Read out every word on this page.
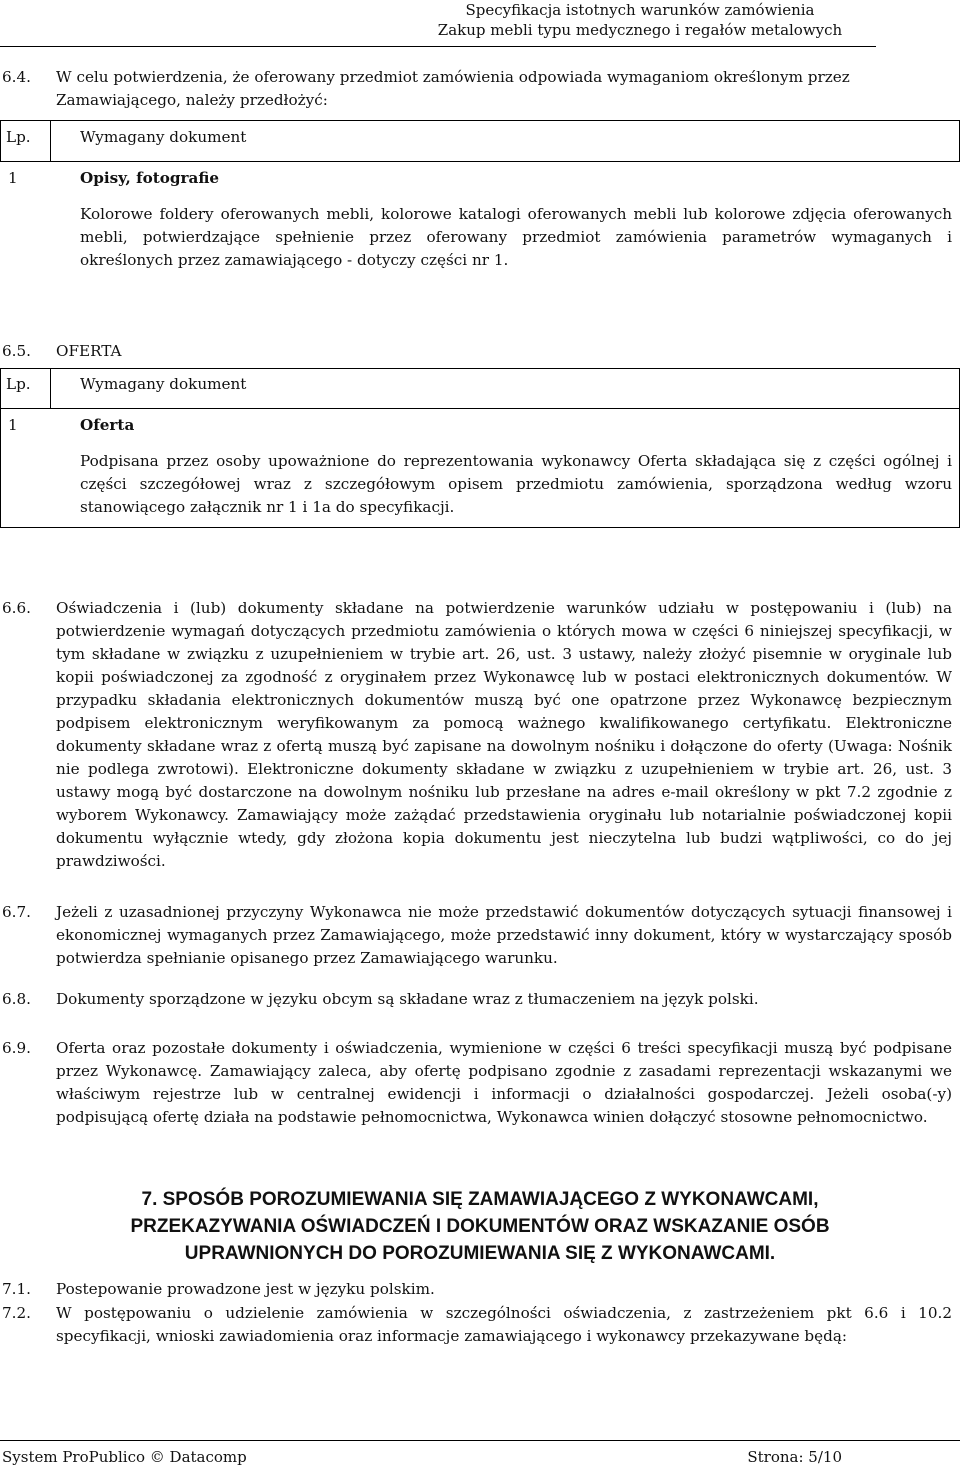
Specyfikacja istotnych warunków zamówienia
Zakup mebli typu medycznego i regałów metalowych
6.4. W celu potwierdzenia, że oferowany przedmiot zamówienia odpowiada wymaganiom określonym przez
Zamawiającego, należy przedłożyć:
Lp.	Wymagany dokument
1	Opisy, fotografie
Kolorowe foldery oferowanych mebli, kolorowe katalogi oferowanych mebli lub kolorowe zdjęcia oferowanych mebli, potwierdzające spełnienie przez oferowany przedmiot zamówienia parametrów wymaganych i określonych przez zamawiającego - dotyczy części nr 1.
6.5. OFERTA
Lp.	Wymagany dokument
1	Oferta
Podpisana przez osoby upoważnione do reprezentowania wykonawcy Oferta składająca się z części ogólnej i części szczegółowej wraz z szczegółowym opisem przedmiotu zamówienia, sporządzona według wzoru stanowiącego załącznik nr 1 i 1a do specyfikacji.
6.6. Oświadczenia i (lub) dokumenty składane na potwierdzenie warunków udziału w postępowaniu i (lub) na potwierdzenie wymagań dotyczących przedmiotu zamówienia o których mowa w części 6 niniejszej specyfikacji, w tym składane w związku z uzupełnieniem w trybie art. 26, ust. 3 ustawy, należy złożyć pisemnie w oryginale lub kopii poświadczonej za zgodność z oryginałem przez Wykonawcę lub w postaci elektronicznych dokumentów. W przypadku składania elektronicznych dokumentów muszą być one opatrzone przez Wykonawcę bezpiecznym podpisem elektronicznym weryfikowanym za pomocą ważnego kwalifikowanego certyfikatu. Elektroniczne dokumenty składane wraz z ofertą muszą być zapisane na dowolnym nośniku i dołączone do oferty (Uwaga: Nośnik nie podlega zwrotowi). Elektroniczne dokumenty składane w związku z uzupełnieniem w trybie art. 26, ust. 3 ustawy mogą być dostarczone na dowolnym nośniku lub przesłane na adres e-mail określony w pkt 7.2 zgodnie z wyborem Wykonawcy. Zamawiający może zażądać przedstawienia oryginału lub notarialnie poświadczonej kopii dokumentu wyłącznie wtedy, gdy złożona kopia dokumentu jest nieczytelna lub budzi wątpliwości, co do jej prawdziwości.
6.7. Jeżeli z uzasadnionej przyczyny Wykonawca nie może przedstawić dokumentów dotyczących sytuacji finansowej i ekonomicznej wymaganych przez Zamawiającego, może przedstawić inny dokument, który w wystarczający sposób potwierdza spełnianie opisanego przez Zamawiającego warunku.
6.8. Dokumenty sporządzone w języku obcym są składane wraz z tłumaczeniem na język polski.
6.9. Oferta oraz pozostałe dokumenty i oświadczenia, wymienione w części 6 treści specyfikacji muszą być podpisane przez Wykonawcę. Zamawiający zaleca, aby ofertę podpisano zgodnie z zasadami reprezentacji wskazanymi we właściwym rejestrze lub w centralnej ewidencji i informacji o działalności gospodarczej. Jeżeli osoba(-y) podpisującą ofertę działa na podstawie pełnomocnictwa, Wykonawca winien dołączyć stosowne pełnomocnictwo.
7. SPOSÓB POROZUMIEWANIA SIĘ ZAMAWIAJĄCEGO Z WYKONAWCAMI,
PRZEKAZYWANIA OŚWIADCZEŃ I DOKUMENTÓW ORAZ WSKAZANIE OSÓB
UPRAWNIONYCH DO POROZUMIEWANIA SIĘ Z WYKONAWCAMI.
7.1. Postepowanie prowadzone jest w języku polskim.
7.2. W postępowaniu o udzielenie zamówienia w szczególności oświadczenia, z zastrzeżeniem pkt 6.6 i 10.2 specyfikacji, wnioski zawiadomienia oraz informacje zamawiającego i wykonawcy przekazywane będą:
System ProPublico © Datacomp	Strona: 5/10
